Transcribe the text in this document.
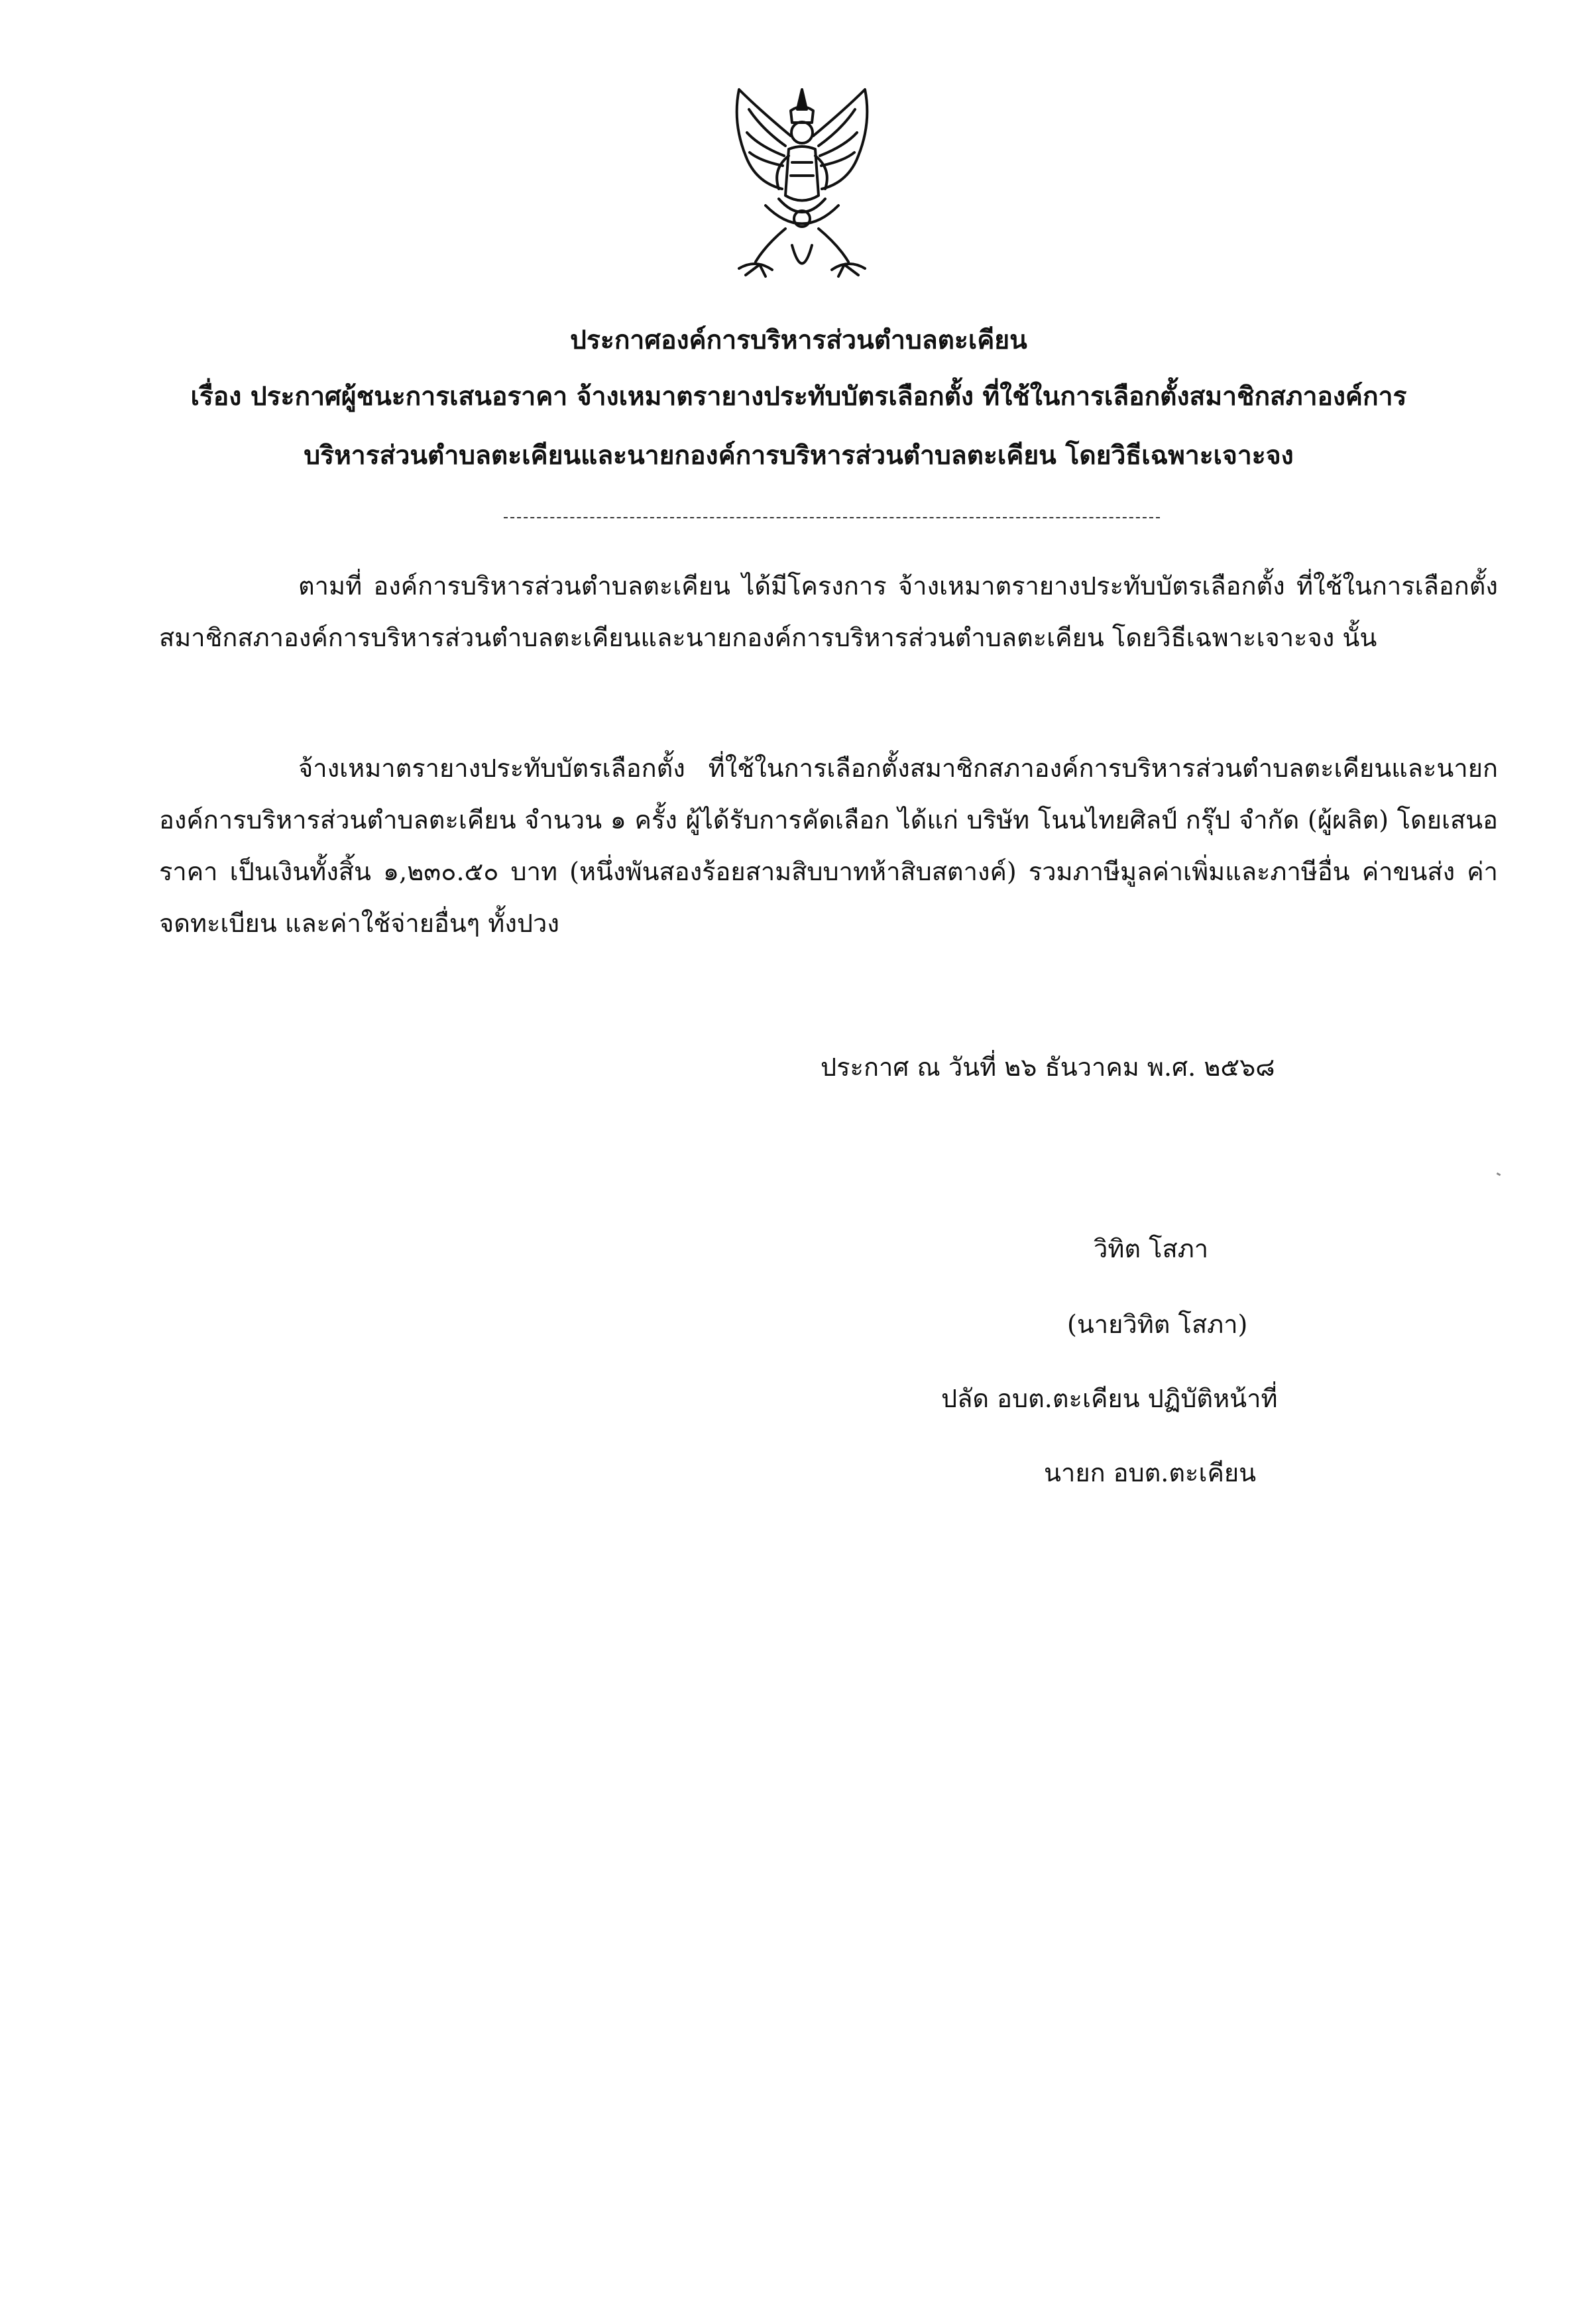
ประกาศองค์การบริหารส่วนตำบลตะเคียน
เรื่อง ประกาศผู้ชนะการเสนอราคา จ้างเหมาตรายางประทับบัตรเลือกตั้ง ที่ใช้ในการเลือกตั้งสมาชิกสภาองค์การ
บริหารส่วนตำบลตะเคียนและนายกองค์การบริหารส่วนตำบลตะเคียน โดยวิธีเฉพาะเจาะจง
ตามที่ องค์การบริหารส่วนตำบลตะเคียน ได้มีโครงการ จ้างเหมาตรายางประทับบัตรเลือกตั้ง ที่ใช้ในการเลือกตั้งสมาชิกสภาองค์การบริหารส่วนตำบลตะเคียนและนายกองค์การบริหารส่วนตำบลตะเคียน โดยวิธีเฉพาะเจาะจง นั้น
จ้างเหมาตรายางประทับบัตรเลือกตั้ง ที่ใช้ในการเลือกตั้งสมาชิกสภาองค์การบริหารส่วนตำบลตะเคียนและนายกองค์การบริหารส่วนตำบลตะเคียน จำนวน ๑ ครั้ง ผู้ได้รับการคัดเลือก ได้แก่ บริษัท โนนไทยศิลป์ กรุ๊ป จำกัด (ผู้ผลิต) โดยเสนอราคา เป็นเงินทั้งสิ้น ๑,๒๓๐.๕๐ บาท (หนึ่งพันสองร้อยสามสิบบาทห้าสิบสตางค์) รวมภาษีมูลค่าเพิ่มและภาษีอื่น ค่าขนส่ง ค่าจดทะเบียน และค่าใช้จ่ายอื่นๆ ทั้งปวง
ประกาศ ณ วันที่ ๒๖ ธันวาคม พ.ศ. ๒๕๖๘
วิทิต โสภา
(นายวิทิต โสภา)
ปลัด อบต.ตะเคียน ปฏิบัติหน้าที่
นายก อบต.ตะเคียน
